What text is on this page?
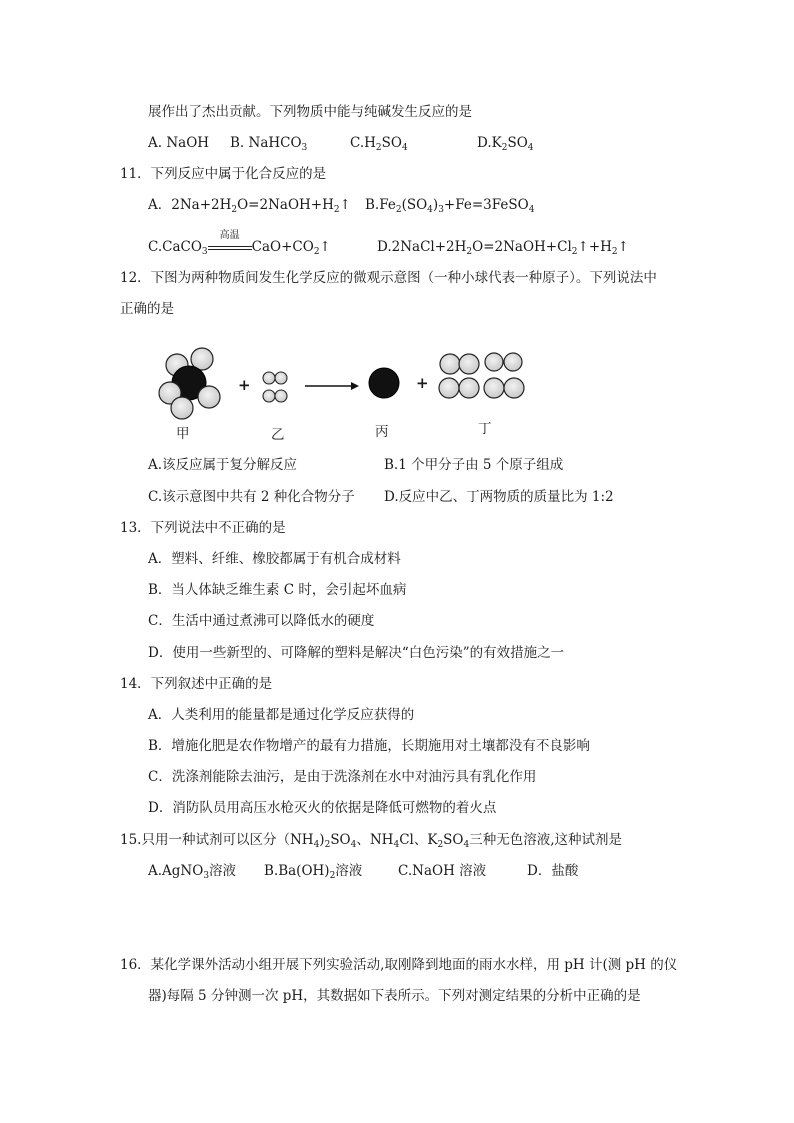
展作出了杰出贡献。下列物质中能与纯碱发生反应的是
A. NaOH B. NaHCO$_3$	$C.H_2SO_4$	$D.K_2SO_4$
11．下列反应中属于化合反应的是
A．$2Na+2H_2O=2NaOH+H_2↑$ $B.Fe_2(SO_4)_3+Fe=3FeSO_4$
C.CaCO$_3$
高温
$CaO+CO_2↑$	$D.2NaCl+2H_2O=2NaOH+Cl_2↑+H_2↑$
12．下图为两种物质间发生化学反应的微观示意图（一种小球代表一种原子）。下列说法中
正确的是
+	+
甲	乙	丙	丁
A.该反应属于复分解反应	B.1 个甲分子由 5 个原子组成
C.该示意图中共有 2 种化合物分子 D.反应中乙、丁两物质的质量比为 1:2
13．下列说法中不正确的是
A．塑料、纤维、橡胶都属于有机合成材料
B．当人体缺乏维生素 C 时，会引起坏血病
C．生活中通过煮沸可以降低水的硬度
D．使用一些新型的、可降解的塑料是解决“白色污染”的有效措施之一
14．下列叙述中正确的是
A．人类利用的能量都是通过化学反应获得的
B．增施化肥是农作物增产的最有力措施，长期施用对土壤都没有不良影响
C．洗涤剂能除去油污，是由于洗涤剂在水中对油污具有乳化作用
D．消防队员用高压水枪灭火的依据是降低可燃物的着火点
15.只用一种试剂可以区分$(NH_4)_2SO_4$、$NH_4Cl$、$K_2SO_4$三种无色溶液,这种试剂是
A.AgNO$_3$溶液 $B.Ba(OH)_2$溶液	C.NaOH 溶液	D．盐酸
16．某化学课外活动小组开展下列实验活动,取刚降到地面的雨水水样，用 pH 计(测 pH 的仪
器)每隔 5 分钟测一次 pH，其数据如下表所示。下列对测定结果的分析中正确的是
